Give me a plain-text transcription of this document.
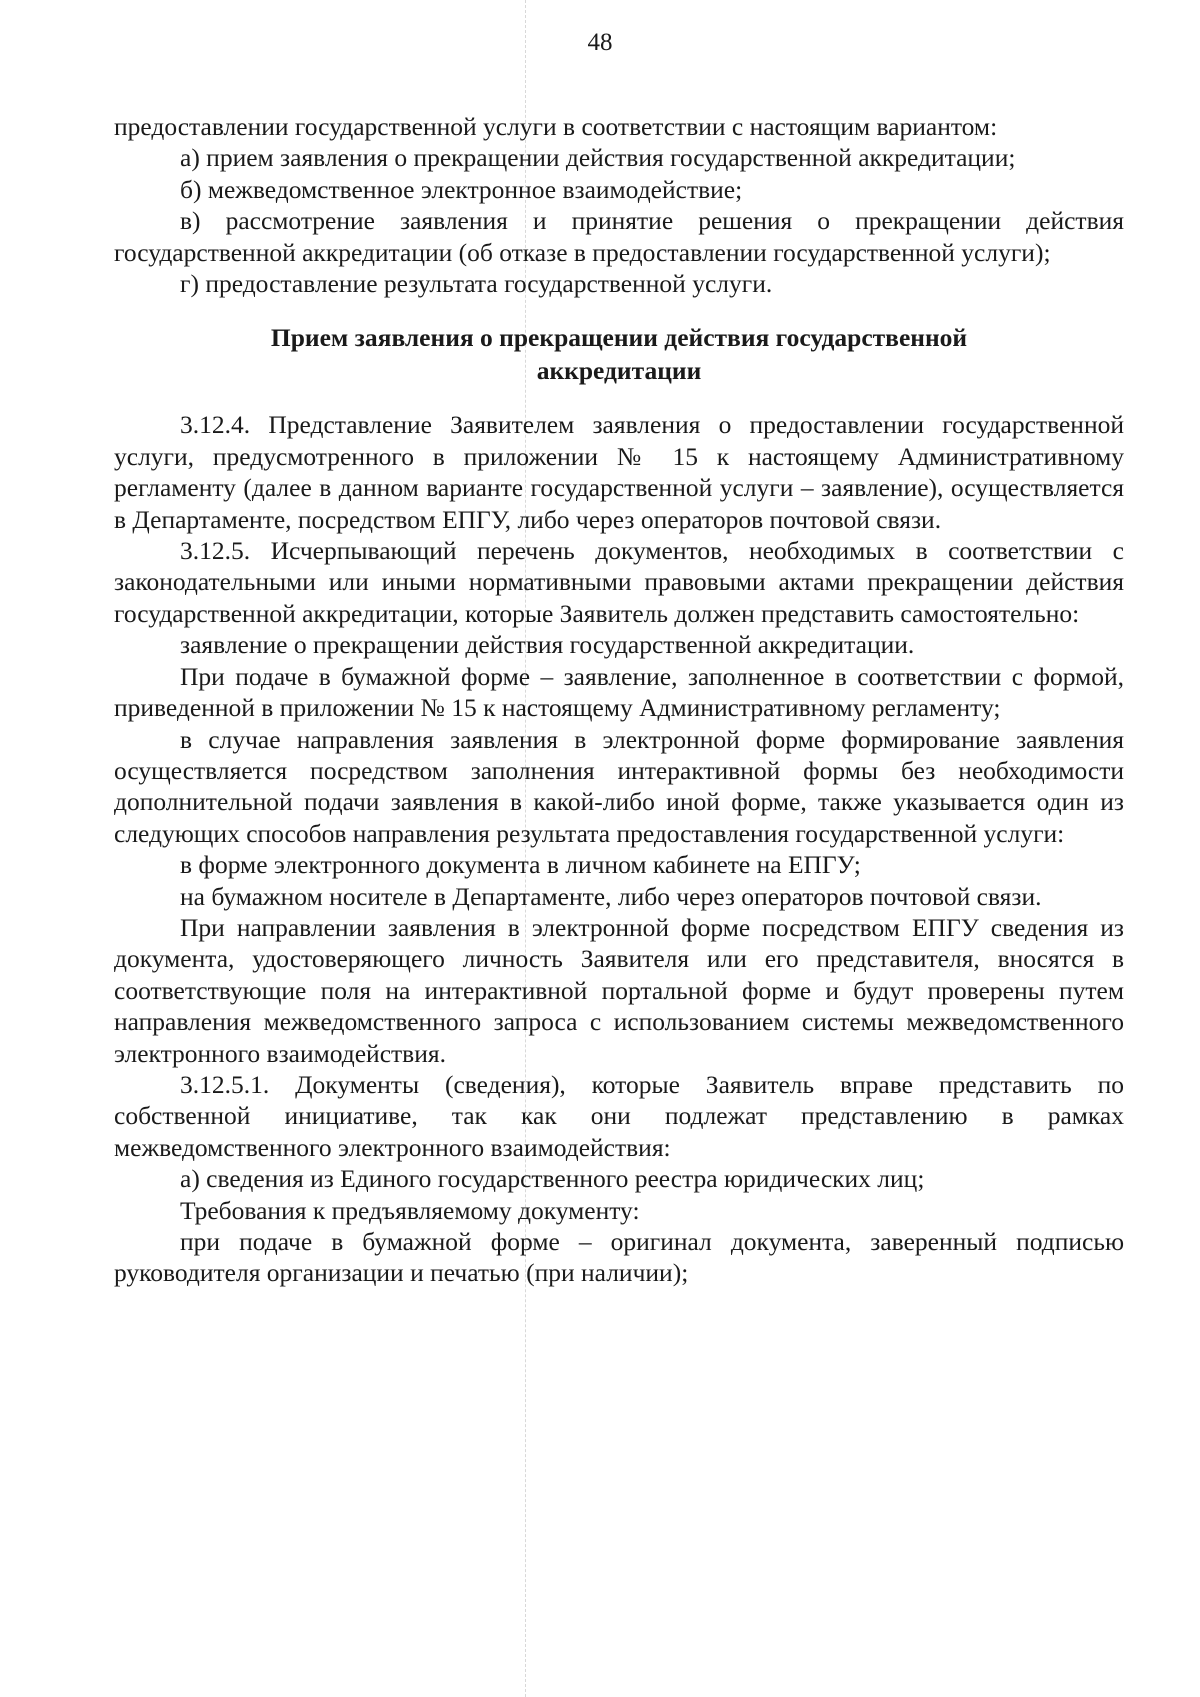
48

предоставлении государственной услуги в соответствии с настоящим вариантом:

а) прием заявления о прекращении действия государственной аккредитации;

б) межведомственное электронное взаимодействие;

в) рассмотрение заявления и принятие решения о прекращении действия государственной аккредитации (об отказе в предоставлении государственной услуги);

г) предоставление результата государственной услуги.

Прием заявления о прекращении действия государственной
аккредитации

3.12.4. Представление Заявителем заявления о предоставлении государственной услуги, предусмотренного в приложении № 15 к настоящему Административному регламенту (далее в данном варианте государственной услуги – заявление), осуществляется в Департаменте, посредством ЕПГУ, либо через операторов почтовой связи.

3.12.5. Исчерпывающий перечень документов, необходимых в соответствии с законодательными или иными нормативными правовыми актами прекращении действия государственной аккредитации, которые Заявитель должен представить самостоятельно:

заявление о прекращении действия государственной аккредитации.

При подаче в бумажной форме – заявление, заполненное в соответствии с формой, приведенной в приложении № 15 к настоящему Административному регламенту;

в случае направления заявления в электронной форме формирование заявления осуществляется посредством заполнения интерактивной формы без необходимости дополнительной подачи заявления в какой-либо иной форме, также указывается один из следующих способов направления результата предоставления государственной услуги:

в форме электронного документа в личном кабинете на ЕПГУ;

на бумажном носителе в Департаменте, либо через операторов почтовой связи.

При направлении заявления в электронной форме посредством ЕПГУ сведения из документа, удостоверяющего личность Заявителя или его представителя, вносятся в соответствующие поля на интерактивной портальной форме и будут проверены путем направления межведомственного запроса с использованием системы межведомственного электронного взаимодействия.

3.12.5.1. Документы (сведения), которые Заявитель вправе представить по собственной инициативе, так как они подлежат представлению в рамках межведомственного электронного взаимодействия:

а) сведения из Единого государственного реестра юридических лиц;

Требования к предъявляемому документу:

при подаче в бумажной форме – оригинал документа, заверенный подписью руководителя организации и печатью (при наличии);
